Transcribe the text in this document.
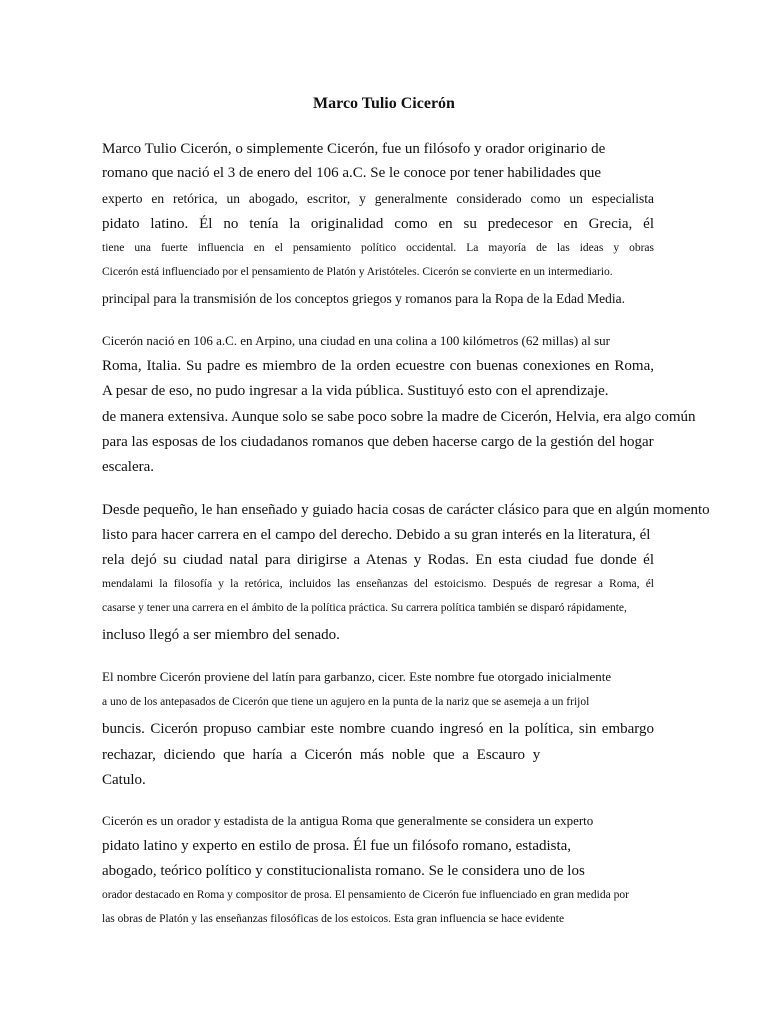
Marco Tulio Cicerón
Marco Tulio Cicerón, o simplemente Cicerón, fue un filósofo y orador originario de
romano que nació el 3 de enero del 106 a.C. Se le conoce por tener habilidades que
experto en retórica, un abogado, escritor, y generalmente considerado como un especialista
pidato latino. Él no tenía la originalidad como en su predecesor en Grecia, él
tiene una fuerte influencia en el pensamiento político occidental. La mayoría de las ideas y obras
Cicerón está influenciado por el pensamiento de Platón y Aristóteles. Cicerón se convierte en un intermediario.
principal para la transmisión de los conceptos griegos y romanos para la Ropa de la Edad Media.
Cicerón nació en 106 a.C. en Arpino, una ciudad en una colina a 100 kilómetros (62 millas) al sur
Roma, Italia. Su padre es miembro de la orden ecuestre con buenas conexiones en Roma,
A pesar de eso, no pudo ingresar a la vida pública. Sustituyó esto con el aprendizaje.
de manera extensiva. Aunque solo se sabe poco sobre la madre de Cicerón, Helvia, era algo común
para las esposas de los ciudadanos romanos que deben hacerse cargo de la gestión del hogar
escalera.
Desde pequeño, le han enseñado y guiado hacia cosas de carácter clásico para que en algún momento
listo para hacer carrera en el campo del derecho. Debido a su gran interés en la literatura, él
rela dejó su ciudad natal para dirigirse a Atenas y Rodas. En esta ciudad fue donde él
mendalami la filosofía y la retórica, incluidos las enseñanzas del estoicismo. Después de regresar a Roma, él
casarse y tener una carrera en el ámbito de la política práctica. Su carrera política también se disparó rápidamente,
incluso llegó a ser miembro del senado.
El nombre Cicerón proviene del latín para garbanzo, cicer. Este nombre fue otorgado inicialmente
a uno de los antepasados de Cicerón que tiene un agujero en la punta de la nariz que se asemeja a un frijol
buncis. Cicerón propuso cambiar este nombre cuando ingresó en la política, sin embargo
rechazar, diciendo que haría a Cicerón más noble que a Escauro y
Catulo.
Cicerón es un orador y estadista de la antigua Roma que generalmente se considera un experto
pidato latino y experto en estilo de prosa. Él fue un filósofo romano, estadista,
abogado, teórico político y constitucionalista romano. Se le considera uno de los
orador destacado en Roma y compositor de prosa. El pensamiento de Cicerón fue influenciado en gran medida por
las obras de Platón y las enseñanzas filosóficas de los estoicos. Esta gran influencia se hace evidente
